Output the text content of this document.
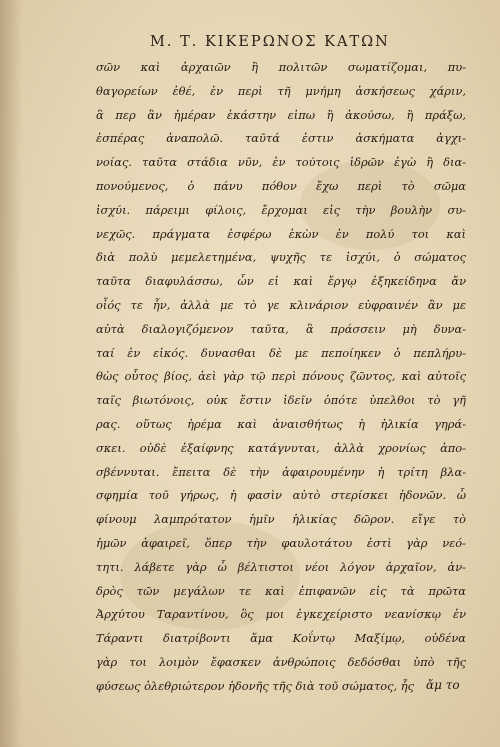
Μ. Τ. ΚΙΚΕΡΩΝΟΣ ΚΑΤΩΝ
σῶν καὶ ἀρχαιῶν ἢ πολιτῶν σωματίζομαι, πυ-
θαγορείων ἐθέ, ἐν περὶ τῆ μνήμη ἀσκήσεως χάριν,
ἃ περ ἂν ἡμέραν ἑκάστην εἰπω ἢ ἀκούσω, ἢ πράξω,
ἑσπέρας ἀναπολῶ. ταῦτά ἐστιν ἀσκήματα ἀγχι-
νοίας. ταῦτα στάδια νῦν, ἐν τούτοις ἱδρῶν ἐγὼ ἢ δια-
πονούμενος, ὁ πάνυ πόθον ἔχω περὶ τὸ σῶμα
ἰσχύι. πάρειμι φίλοις, ἔρχομαι εἰς τὴν βουλὴν συ-
νεχῶς. πράγματα ἐσφέρω ἑκὼν ἐν πολύ τοι καὶ
διὰ πολὺ μεμελετημένα, ψυχῆς τε ἰσχύι, ὁ σώματος
ταῦτα διαφυλάσσω, ὧν εἰ καὶ ἔργῳ ἐξηκείδηνα ἄν
οἷός τε ἦν, ἀλλὰ με τὸ γε κλινάριον εὐφραινέν ἂν με
αὐτὰ διαλογιζόμενον ταῦτα, ἃ πράσσειν μὴ δυνα-
ταί ἐν εἰκός. δυνασθαι δὲ με πεποίηκεν ὁ πεπλήρυ-
θὼς οὗτος βίος, ἀεὶ γὰρ τῷ περὶ πόνους ζῶντος, καὶ αὐτοῖς
ταῖς βιωτόνοις, οὐκ ἔστιν ἰδεῖν ὁπότε ὑπελθοι τὸ γῆ
ρας. οὕτως ἠρέμα καὶ ἀναισθήτως ἡ ἡλικία γηρά-
σκει. οὐδὲ ἐξαίφνης κατάγνυται, ἀλλὰ χρονίως ἀπο-
σβέννυται. ἔπειτα δὲ τὴν ἀφαιρουμένην ἡ τρίτη βλα-
σφημία τοῦ γήρως, ἡ φασὶν αὐτὸ στερίσκει ἡδονῶν. ὦ
φίνουμ λαμπρότατον ἡμῖν ἡλικίας δῶρον. εἴγε τὸ
ἡμῶν ἀφαιρεῖ, ὅπερ τὴν φαυλοτάτου ἐστὶ γὰρ νεό-
τητι. λάβετε γὰρ ὦ βέλτιστοι νέοι λόγον ἀρχαῖον, ἀν-
δρὸς τῶν μεγάλων τε καὶ ἐπιφανῶν εἰς τὰ πρῶτα
Ἀρχύτου Ταραντίνου, ὃς μοι ἐγκεχείριστο νεανίσκῳ ἐν
Τάραντι διατρίβοντι ἅμα Κοΐντῳ Μαξίμῳ, οὐδένα
γὰρ τοι λοιμὸν ἔφασκεν ἀνθρώποις δεδόσθαι ὑπὸ τῆς
φύσεως ὀλεθριώτερον ἡδονῆς τῆς διὰ τοῦ σώματος, ἧς	ἄμ το
